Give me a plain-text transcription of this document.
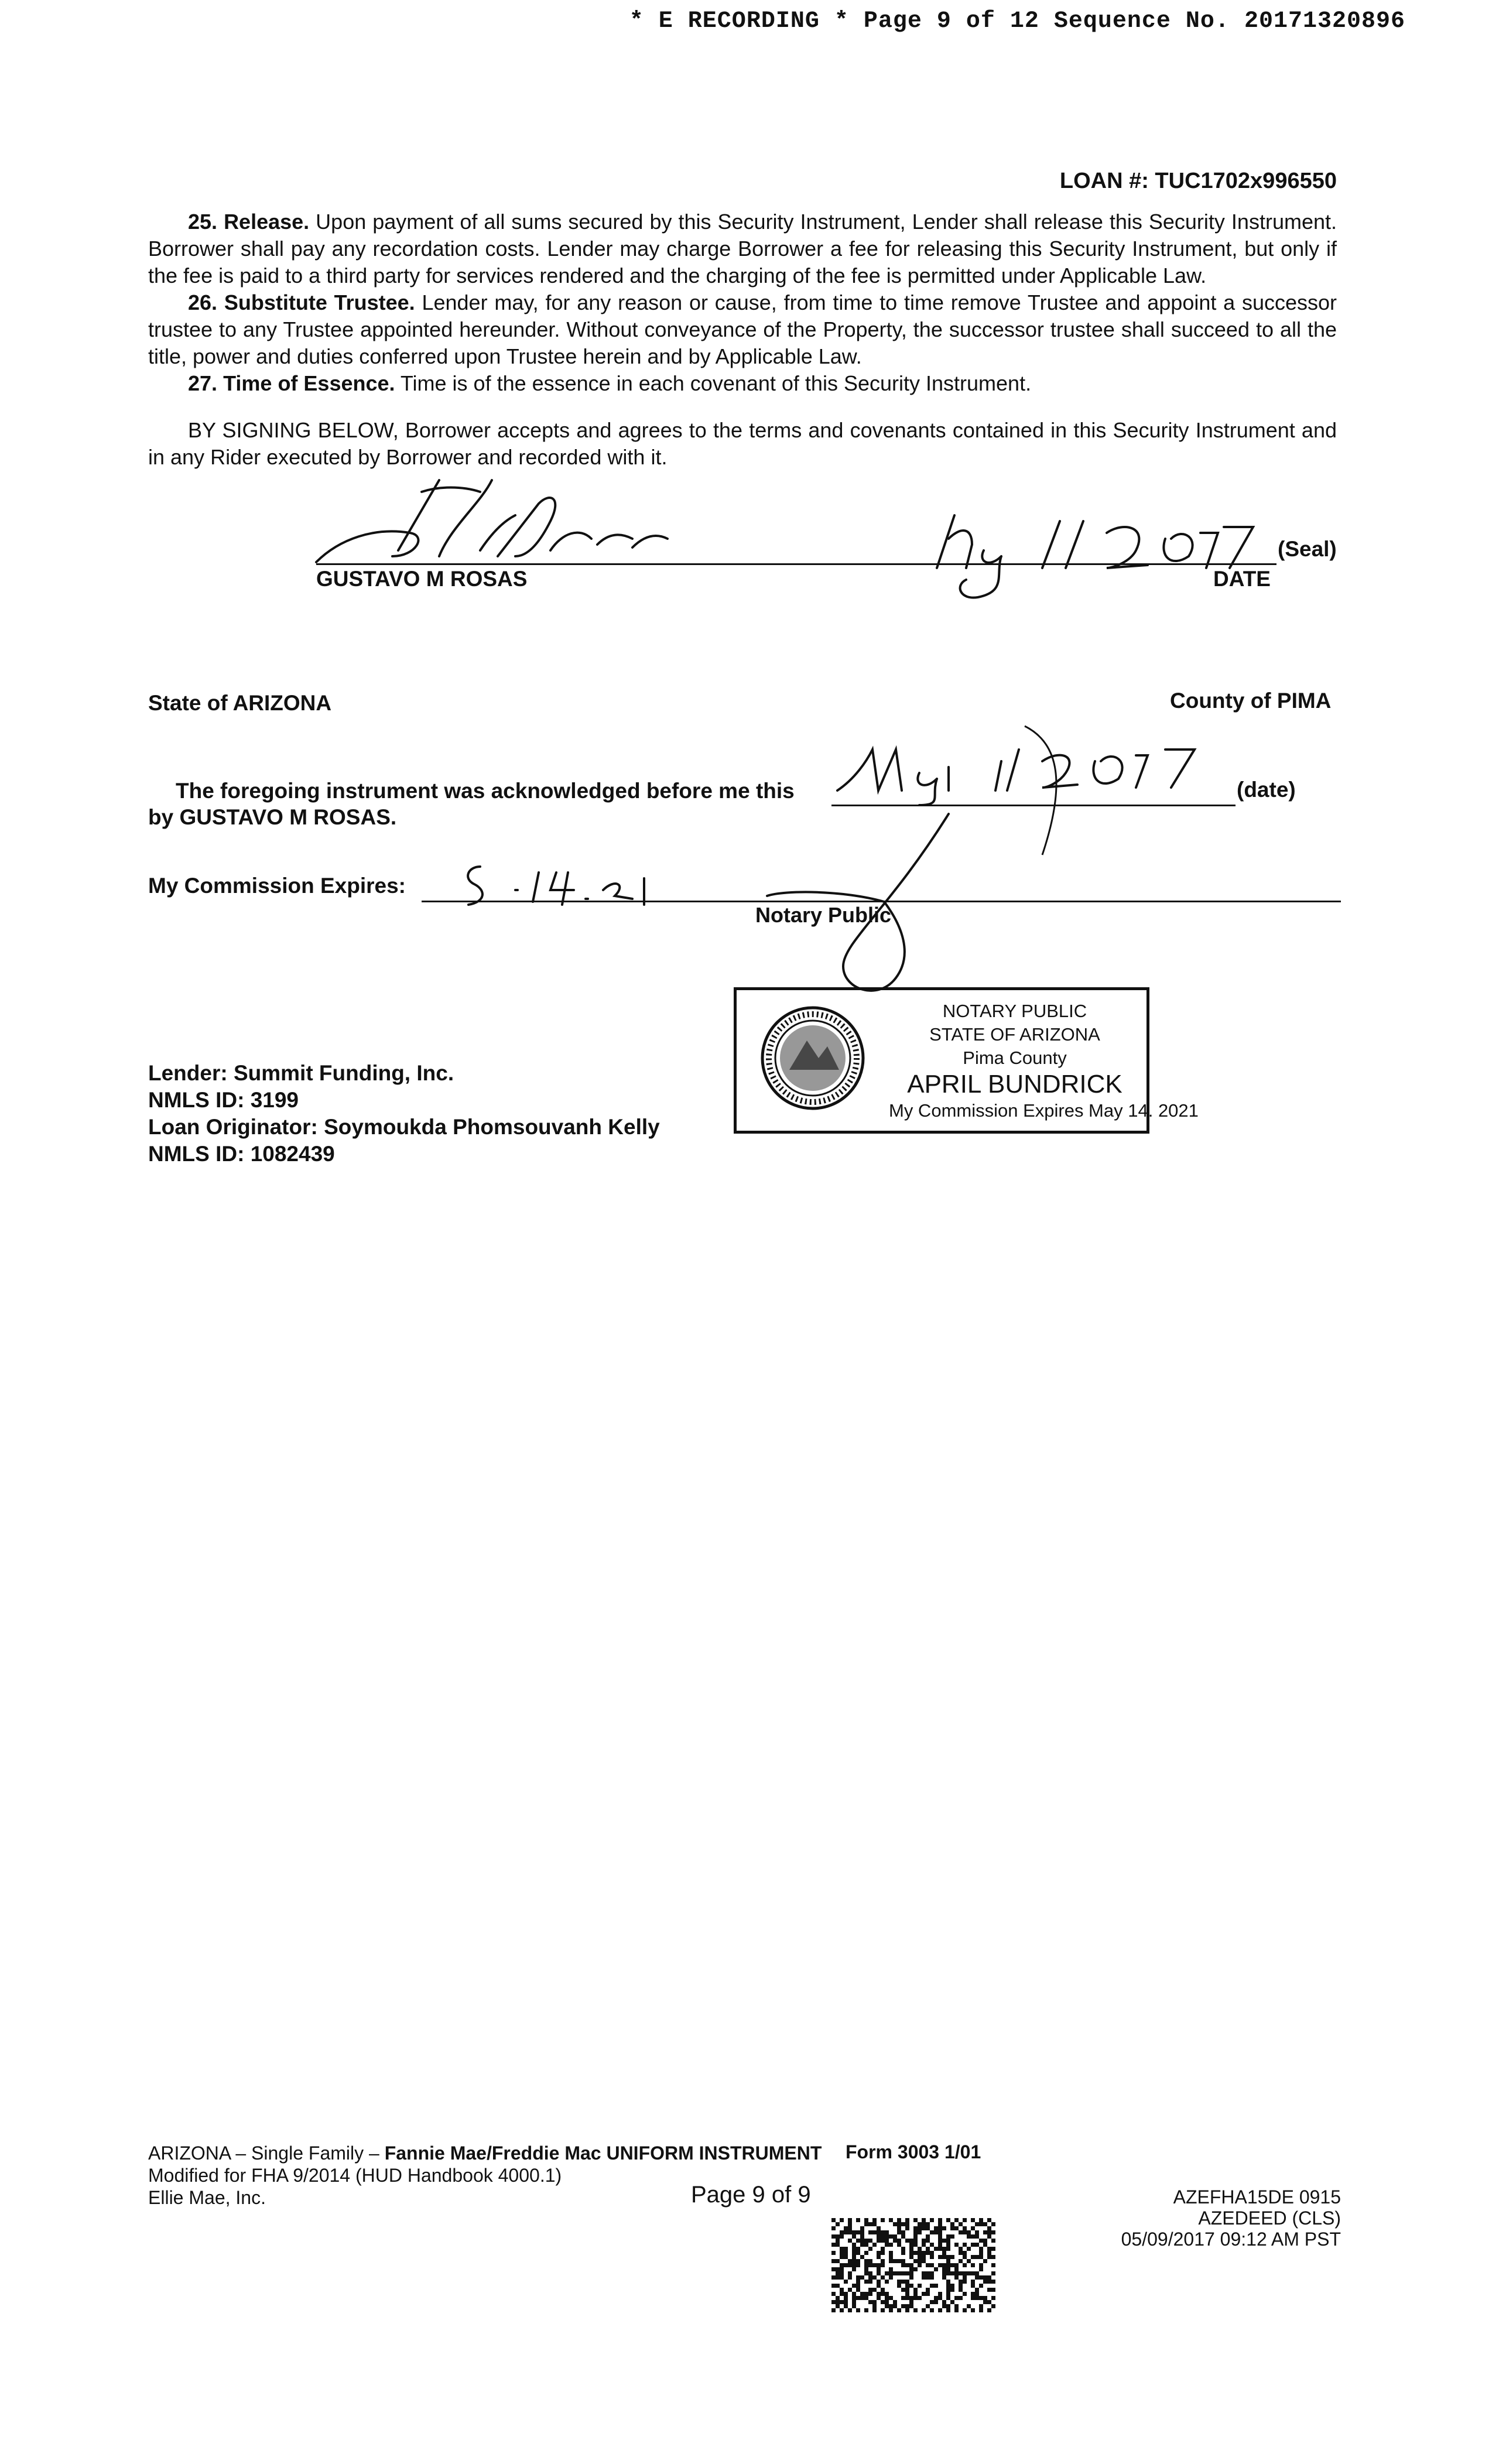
* E RECORDING * Page 9 of 12 Sequence No. 20171320896
LOAN #: TUC1702x996550

25. Release. Upon payment of all sums secured by this Security Instrument, Lender shall release this Security Instrument. Borrower shall pay any recordation costs. Lender may charge Borrower a fee for releasing this Security Instrument, but only if the fee is paid to a third party for services rendered and the charging of the fee is permitted under Applicable Law.

26. Substitute Trustee. Lender may, for any reason or cause, from time to time remove Trustee and appoint a successor trustee to any Trustee appointed hereunder. Without conveyance of the Property, the successor trustee shall succeed to all the title, power and duties conferred upon Trustee herein and by Applicable Law.

27. Time of Essence. Time is of the essence in each covenant of this Security Instrument.

BY SIGNING BELOW, Borrower accepts and agrees to the terms and covenants contained in this Security Instrument and in any Rider executed by Borrower and recorded with it.

GUSTAVO M ROSAS	DATE
(Seal)
State of ARIZONA	County of PIMA
The foregoing instrument was acknowledged before me this	(date)
by GUSTAVO M ROSAS.
My Commission Expires:
Notary Public
NOTARY PUBLIC
STATE OF ARIZONA
Pima County
APRIL BUNDRICK
My Commission Expires May 14. 2021
Lender: Summit Funding, Inc.
NMLS ID: 3199
Loan Originator: Soymoukda Phomsouvanh Kelly
NMLS ID: 1082439
ARIZONA – Single Family – Fannie Mae/Freddie Mac UNIFORM INSTRUMENT Form 3003 1/01
Modified for FHA 9/2014 (HUD Handbook 4000.1)
Ellie Mae, Inc.	Page 9 of 9	AZEFHA15DE 0915
AZEDEED (CLS)
05/09/2017 09:12 AM PST
